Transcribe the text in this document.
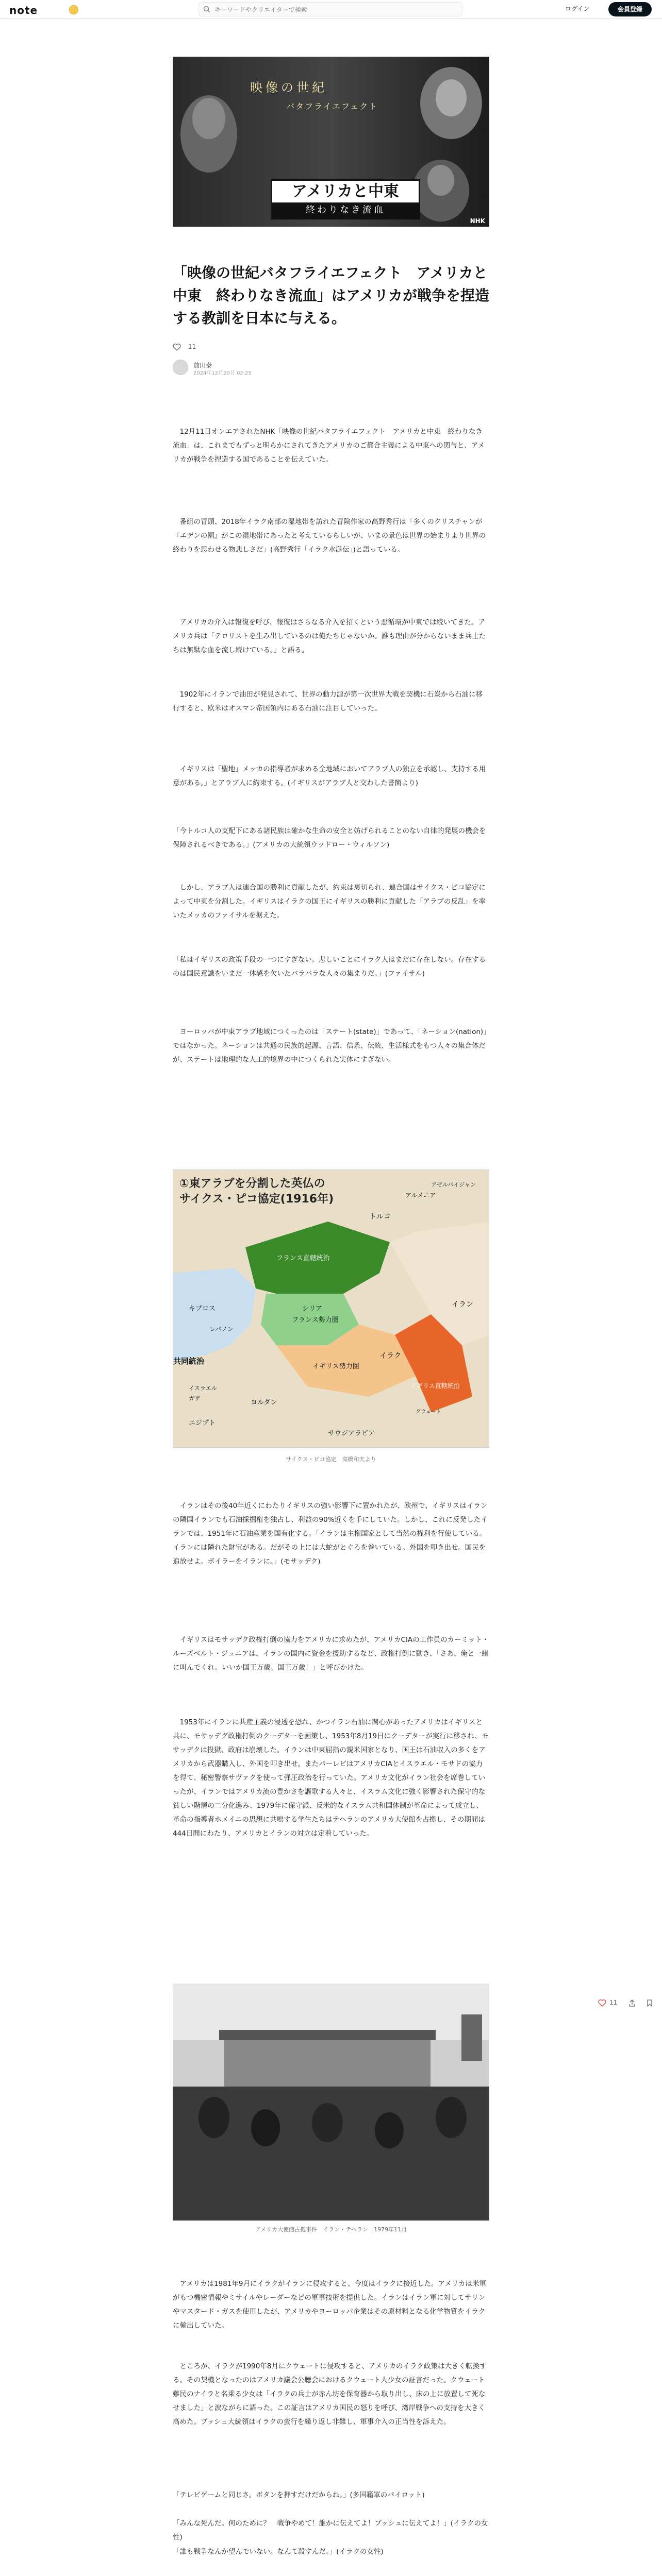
note
キーワードやクリエイターで検索	ログイン	会員登録
映像の世紀
バタフライエフェクト
アメリカと中東
終わりなき流血
NHK
「映像の世紀バタフライエフェクト　アメリカと中東　終わりなき流血」はアメリカが戦争を捏造する教訓を日本に与える。
11
前田泰
2024年12月20日 02:25

　12月11日オンエアされたNHK「映像の世紀バタフライエフェクト　アメリカと中東　終わりなき流血」は、これまでもずっと明らかにされてきたアメリカのご都合主義による中東への関与と、アメリカが戦争を捏造する国であることを伝えていた。

　番組の冒頭、2018年イラク南部の湿地帯を訪れた冒険作家の高野秀行は「多くのクリスチャンが『エデンの園』がこの湿地帯にあったと考えているらしいが、いまの景色は世界の始まりより世界の終わりを思わせる物悲しさだ」(高野秀行「イラク水滸伝」)と語っている。

　アメリカの介入は報復を呼び、報復はさらなる介入を招くという悪循環が中東では続いてきた。アメリカ兵は「テロリストを生み出しているのは俺たちじゃないか。誰も理由が分からないまま兵士たちは無駄な血を流し続けている。」と語る。

　1902年にイランで油田が発見されて、世界の動力源が第一次世界大戦を契機に石炭から石油に移行すると、欧米はオスマン帝国領内にある石油に注目していった。

　イギリスは「聖地」メッカの指導者が求める全地域においてアラブ人の独立を承認し、支持する用意がある。」とアラブ人に約束する。(イギリスがアラブ人と交わした書簡より)

「今トルコ人の支配下にある諸民族は確かな生命の安全と妨げられることのない自律的発展の機会を保障されるべきである。」(アメリカの大統領ウッドロー・ウィルソン)

　しかし、アラブ人は連合国の勝利に貢献したが、約束は裏切られ、連合国はサイクス・ピコ協定によって中東を分割した。イギリスはイラクの国王にイギリスの勝利に貢献した「アラブの反乱」を率いたメッカのファイサルを据えた。

「私はイギリスの政策手段の一つにすぎない。悲しいことにイラク人はまだに存在しない。存在するのは国民意識をいまだ一体感を欠いたバラバラな人々の集まりだ。」(ファイサル)

　ヨーロッパが中東アラブ地域につくったのは「ステート(state)」であって、「ネーション(nation)」ではなかった。ネーションは共通の民族的起源、言語、信条、伝統、生活様式をもつ人々の集合体だが、ステートは地理的な人工的境界の中につくられた実体にすぎない。

①東アラブを分割した英仏の
サイクス・ピコ協定(1916年)	アルメニア
アゼルバイジャン
トルコ
フランス直轄統治
シリア
フランス勢力圏
イギリス勢力圏
キプロス
レバノン
共同統治
イスラエル
ガザ
ヨルダン
エジプト
イラク
イギリス直轄統治
イラン
サウジアラビア
クウェート
サイクス・ピコ協定　高橋和夫より

　イランはその後40年近くにわたりイギリスの強い影響下に置かれたが、欧州で、イギリスはイランの隣国イランでも石油採掘権を独占し、利益の90%近くを手にしていた。しかし、これに反発したイランでは、1951年に石油産業を国有化する。「イランは主権国家として当然の権利を行使している。イランには隣れた財宝がある。だがその上には大蛇がとぐろを巻いている。外国を叩き出せ。国民を追放せよ。ボイラーをイランに。」(モサッデク)

　イギリスはモサッデク政権打倒の協力をアメリカに求めたが、アメリカCIAの工作員のカーミット・ルーズベルト・ジュニアは、イランの国内に資金を援助するなど、政権打倒に動き、「さあ、俺と一緒に叫んでくれ。いいか国王万歳、国王万歳！」と呼びかけた。

　1953年にイランに共産主義の浸透を恐れ、かつイラン石油に関心があったアメリカはイギリスと共に、モサッデグ政権打倒のクーデターを画策し、1953年8月19日にクーデターが実行に移され、モサッデクは投獄、政府は崩壊した。イランは中東屈指の親米国家となり、国王は石油収入の多くをアメリカから武器購入し、外国を叩き出せ。またパーレビはアメリカCIAとイスラエル・モサドの協力を得て、秘密警察サヴァクを使って弾圧政治を行っていた。アメリカ文化がイラン社会を席巻していったが、イランではアメリカ流の豊かさを謳歌する人々と、イスラム文化に強く影響された保守的な貧しい階層の二分化進み、1979年に保守派、反米的なイスラム共和国体制が革命によって成立し、革命の指導者ホメイニの思想に共鳴する学生たちはテヘランのアメリカ大使館を占拠し、その期間は444日間にわたり、アメリカとイランの対立は定着していった。

アメリカ大使館占拠事件　イラン・テヘラン　1979年11月

　アメリカは1981年9月にイラクがイランに侵攻すると、今度はイラクに接近した。アメリカは米軍がもつ機密情報やミサイルやレーダーなどの軍事技術を提供した。イランはイラン軍に対してサリンやマスタード・ガスを使用したが、アメリカやヨーロッパ企業はその原材料となる化学物質をイラクに輸出していた。

　ところが、イラクが1990年8月にクウェートに侵攻すると、アメリカのイラク政策は大きく転換する。その契機となったのはアメリカ議会公聴会におけるクウェート人少女の証言だった。クウェート難民のナイラと名乗る少女は「イラクの兵士が赤ん坊を保育器から取り出し、床の上に放置して死なせました」と涙ながらに語った。この証言はアメリカ国民の怒りを呼び、湾岸戦争への支持を大きく高めた。ブッシュ大統領はイラクの蛮行を繰り返し非難し、軍事介入の正当性を訴えた。

「テレビゲームと同じさ。ボタンを押すだけだからね。」(多国籍軍のパイロット)

「みんな死んだ。何のために？　戦争やめて！誰かに伝えてよ！ブッシュに伝えてよ！」(イラクの女性)

「誰も戦争なんか望んでいない。なんて殺すんだ。」(イラクの女性)

11
